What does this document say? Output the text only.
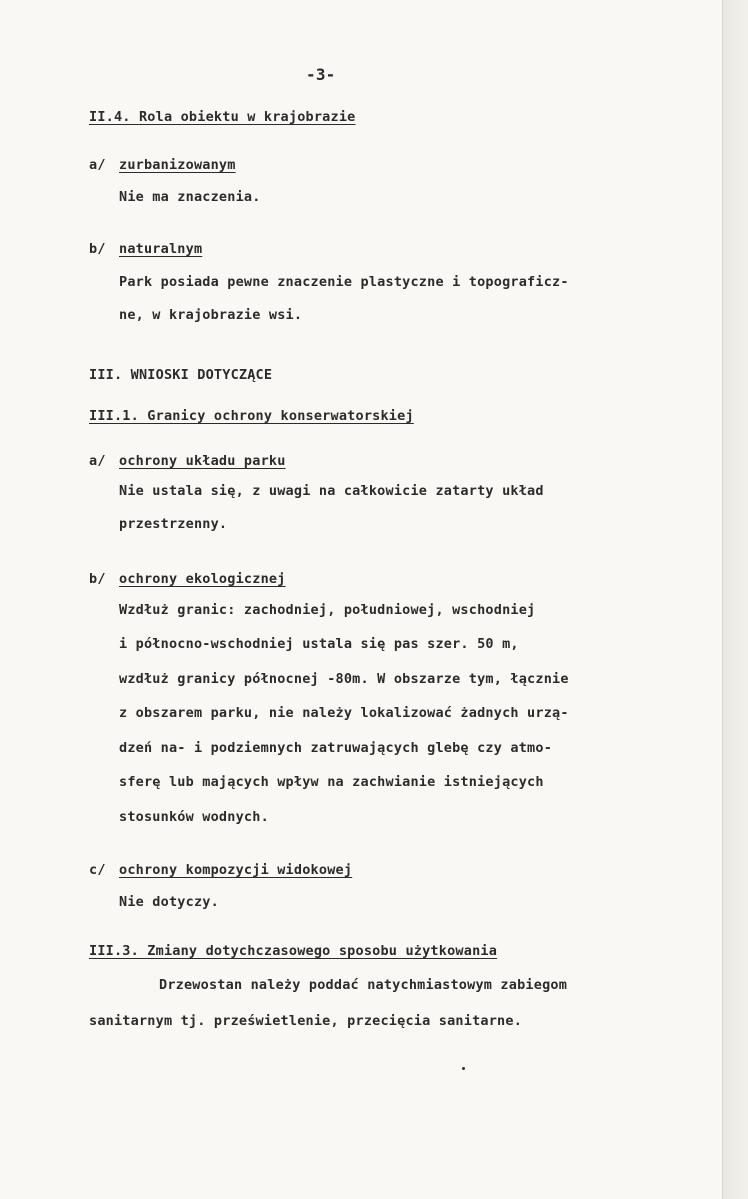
-3-
II.4. Rola obiektu w krajobrazie
a/ zurbanizowanym
Nie ma znaczenia.
b/ naturalnym
Park posiada pewne znaczenie plastyczne i topograficz-
ne, w krajobrazie wsi.
III. WNIOSKI DOTYCZĄCE
III.1. Granicy ochrony konserwatorskiej
a/ ochrony układu parku
Nie ustala się, z uwagi na całkowicie zatarty układ
przestrzenny.
b/ ochrony ekologicznej
Wzdłuż granic: zachodniej, południowej, wschodniej
i północno-wschodniej ustala się pas szer. 50 m,
wzdłuż granicy północnej -80m. W obszarze tym, łącznie
z obszarem parku, nie należy lokalizować żadnych urzą-
dzeń na- i podziemnych zatruwających glebę czy atmo-
sferę lub mających wpływ na zachwianie istniejących
stosunków wodnych.
c/ ochrony kompozycji widokowej
Nie dotyczy.
III.3. Zmiany dotychczasowego sposobu użytkowania
Drzewostan należy poddać natychmiastowym zabiegom
sanitarnym tj. prześwietlenie, przecięcia sanitarne.
